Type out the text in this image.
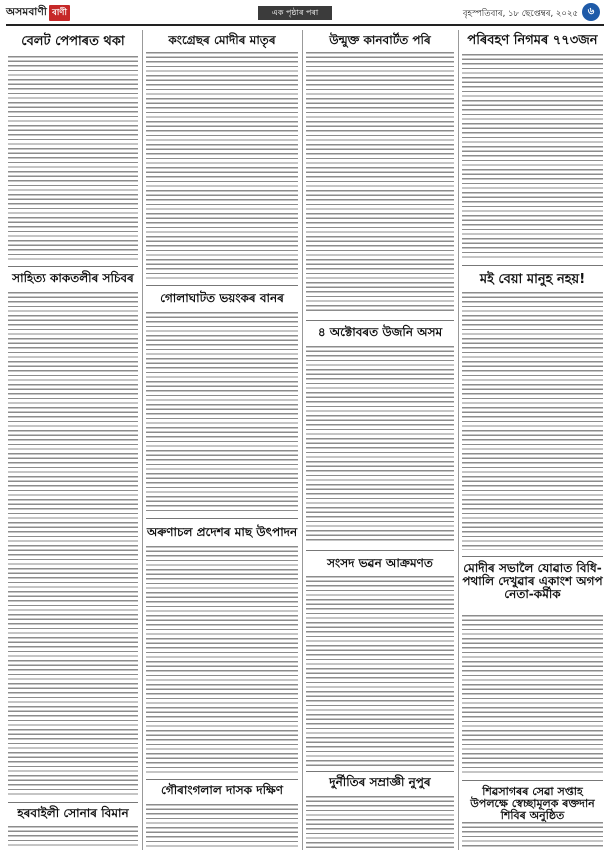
অসমবাণী বাণী	এক পৃষ্ঠাৰ পৰা	বৃহস্পতিবাৰ, ১৮ ছেপ্তেম্বৰ, ২০২৫ ৬
বেলট পেপাৰত থকা
সাহিত্য কাকতলীৰ সচিবৰ
হৰবাইলী সোনাৰ বিমান
কংগ্ৰেছৰ মোদীৰ মাতৃৰ
গোলাঘাটত ভয়ংকৰ বানৰ
অৰুণাচল প্ৰদেশৰ মাছ উৎপাদন
গৌৰাংগলাল দাসক দক্ষিণ
উন্মুক্ত কানবাৰ্টত পৰি
৪ অক্টোবৰত উজনি অসম
সংসদ ভৱন আক্ৰমণত
দুৰ্নীতিৰ সম্ৰাজ্ঞী নুপুৰ
পৰিবহণ নিগমৰ ৭৭৩জন
মই বেয়া মানুহ নহয়!
মোদীৰ সভালৈ যোৱাত বিধি-পথালি দেখুৱাৰ একাংশ অগপ নেতা-কৰ্মীক
শিৱসাগৰৰ সেৱা সপ্তাহ উপলক্ষে স্বেচ্ছামূলক ৰক্তদান শিবিৰ অনুষ্ঠিত
